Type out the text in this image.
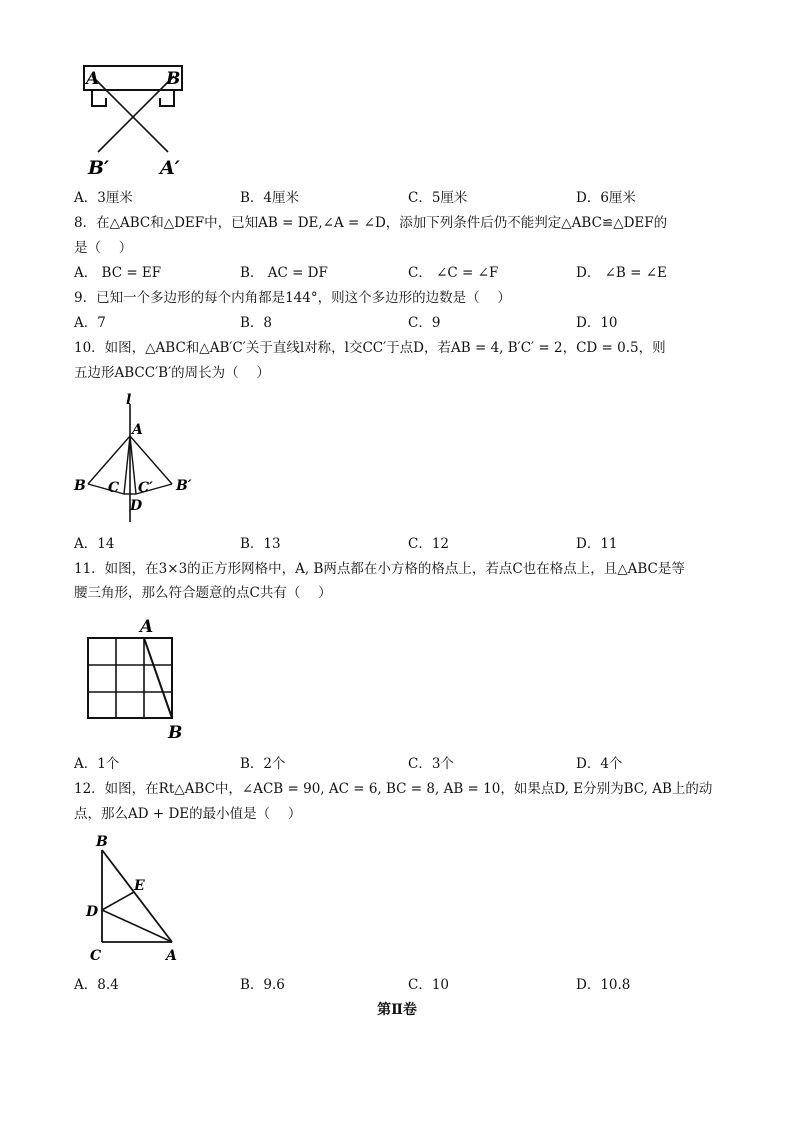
A	B
B′	A′
A．3厘米	B．4厘米	C．5厘米	D．6厘米
8．在△ABC和△DEF中，已知AB = DE,∠A = ∠D，添加下列条件后仍不能判定△ABC≌△DEF的
是（　 ）
A． BC = EF	B． AC = DF	C． ∠C = ∠F	D． ∠B = ∠E
9．已知一个多边形的每个内角都是144°，则这个多边形的边数是（　 ）
A．7	B．8	C．9	D．10
10．如图，△ABC和△AB′C′关于直线l对称，l交CC′于点D，若AB = 4, B′C′ = 2，CD = 0.5，则
五边形ABCC′B′的周长为（　 ）
l
A
B C C′ B′
D
A．14	B．13	C．12	D．11
11．如图，在3×3的正方形网格中，A, B两点都在小方格的格点上，若点C也在格点上，且△ABC是等
腰三角形，那么符合题意的点C共有（　 ）
A
B
A．1个	B．2个	C．3个	D．4个
12．如图，在Rt△ABC中，∠ACB = 90, AC = 6, BC = 8, AB = 10，如果点D, E分别为BC, AB上的动
点，那么AD + DE的最小值是（　 ）
B
E
D
C	A
A．8.4	B．9.6	C．10	D．10.8
第Ⅱ卷
